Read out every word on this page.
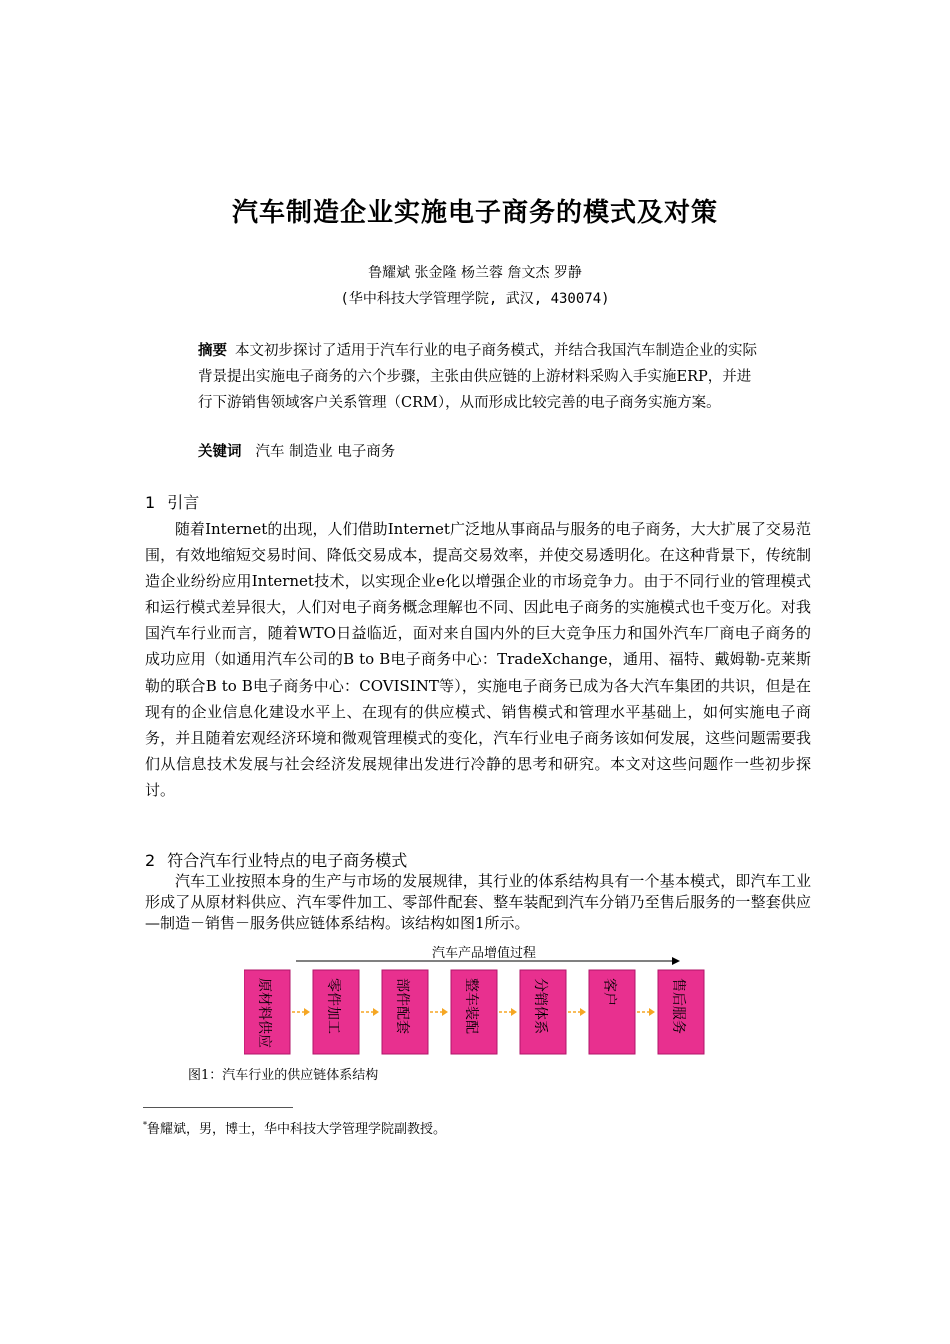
汽车制造企业实施电子商务的模式及对策
鲁耀斌 张金隆 杨兰蓉 詹文杰 罗静
(华中科技大学管理学院, 武汉, 430074)
摘要 本文初步探讨了适用于汽车行业的电子商务模式，并结合我国汽车制造企业的实际背景提出实施电子商务的六个步骤，主张由供应链的上游材料采购入手实施ERP，并进行下游销售领域客户关系管理（CRM），从而形成比较完善的电子商务实施方案。
关键词 汽车 制造业 电子商务
1 引言
随着Internet的出现，人们借助Internet广泛地从事商品与服务的电子商务，大大扩展了交易范围，有效地缩短交易时间、降低交易成本，提高交易效率，并使交易透明化。在这种背景下，传统制造企业纷纷应用Internet技术，以实现企业e化以增强企业的市场竞争力。由于不同行业的管理模式和运行模式差异很大，人们对电子商务概念理解也不同、因此电子商务的实施模式也千变万化。对我国汽车行业而言，随着WTO日益临近，面对来自国内外的巨大竞争压力和国外汽车厂商电子商务的成功应用（如通用汽车公司的B to B电子商务中心：TradeXchange，通用、福特、戴姆勒-克莱斯勒的联合B to B电子商务中心：COVISINT等），实施电子商务已成为各大汽车集团的共识，但是在现有的企业信息化建设水平上、在现有的供应模式、销售模式和管理水平基础上，如何实施电子商务，并且随着宏观经济环境和微观管理模式的变化，汽车行业电子商务该如何发展，这些问题需要我们从信息技术发展与社会经济发展规律出发进行冷静的思考和研究。本文对这些问题作一些初步探讨。
2 符合汽车行业特点的电子商务模式
汽车工业按照本身的生产与市场的发展规律，其行业的体系结构具有一个基本模式，即汽车工业形成了从原材料供应、汽车零件加工、零部件配套、整车装配到汽车分销乃至售后服务的一整套供应—制造－销售－服务供应链体系结构。该结构如图1所示。
汽车产品增值过程
原材料供应	零件加工	部件配套	整车装配	分销体系	客户	售后服务
图1：汽车行业的供应链体系结构
*鲁耀斌，男，博士，华中科技大学管理学院副教授。
